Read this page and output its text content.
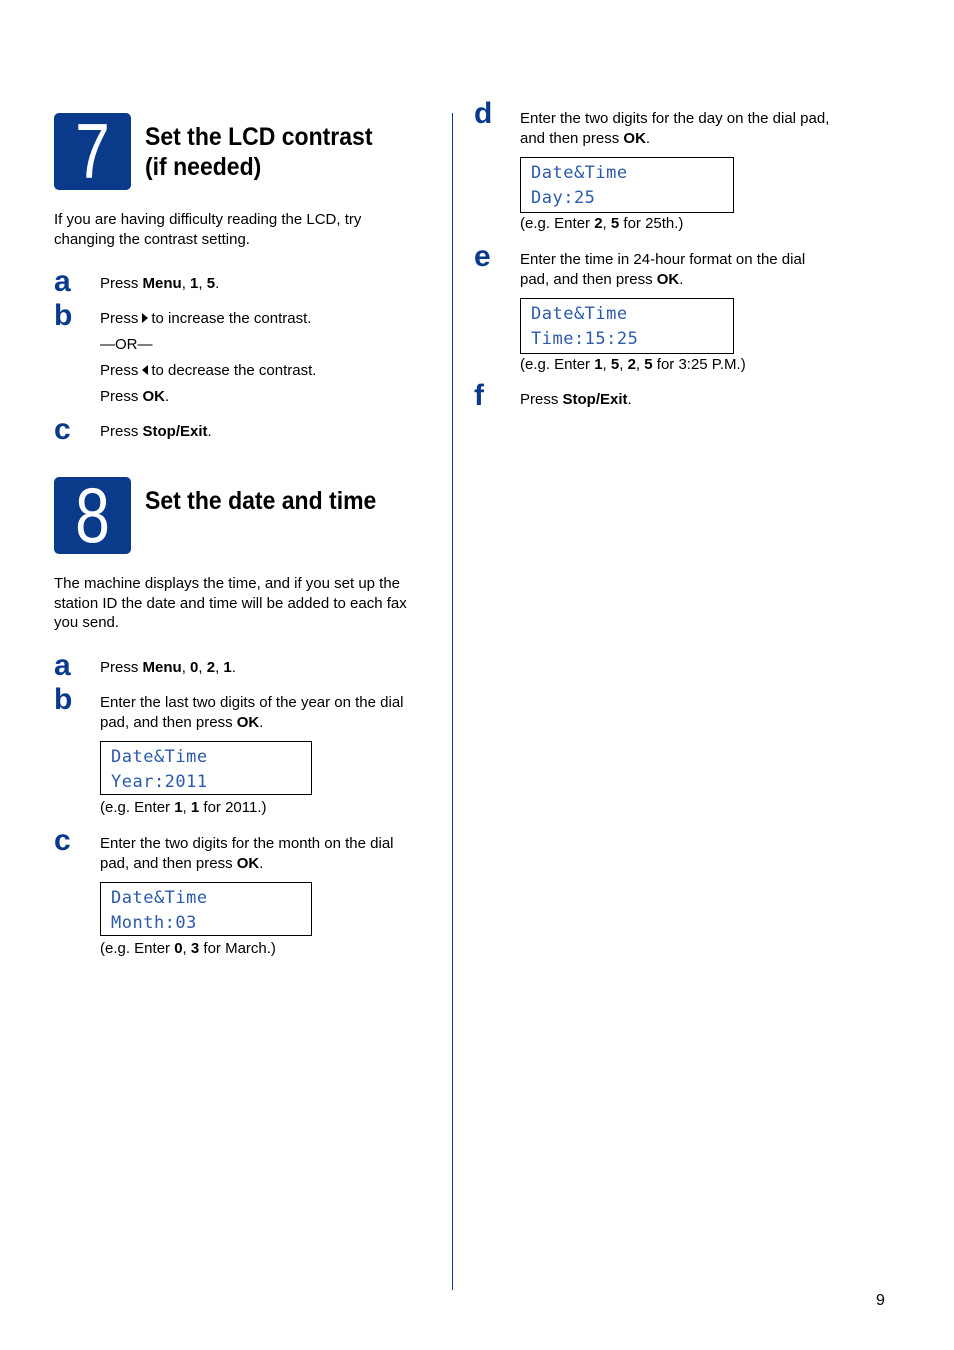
7	Set the LCD contrast
(if needed)
If you are having difficulty reading the LCD, try
changing the contrast setting.
a Press Menu, 1, 5.
b Press to increase the contrast.
—OR—
Press to decrease the contrast.
Press OK.
c Press Stop/Exit.
8	Set the date and time
The machine displays the time, and if you set up the
station ID the date and time will be added to each fax
you send.
a Press Menu, 0, 2, 1.
b Enter the last two digits of the year on the dial
pad, and then press OK.
Date&Time
Year:2011
(e.g. Enter 1, 1 for 2011.)
c Enter the two digits for the month on the dial
pad, and then press OK.
Date&Time
Month:03
(e.g. Enter 0, 3 for March.)
d Enter the two digits for the day on the dial pad,
and then press OK.
Date&Time
Day:25
(e.g. Enter 2, 5 for 25th.)
e Enter the time in 24-hour format on the dial
pad, and then press OK.
Date&Time
Time:15:25
(e.g. Enter 1, 5, 2, 5 for 3:25 P.M.)
f Press Stop/Exit.
9
